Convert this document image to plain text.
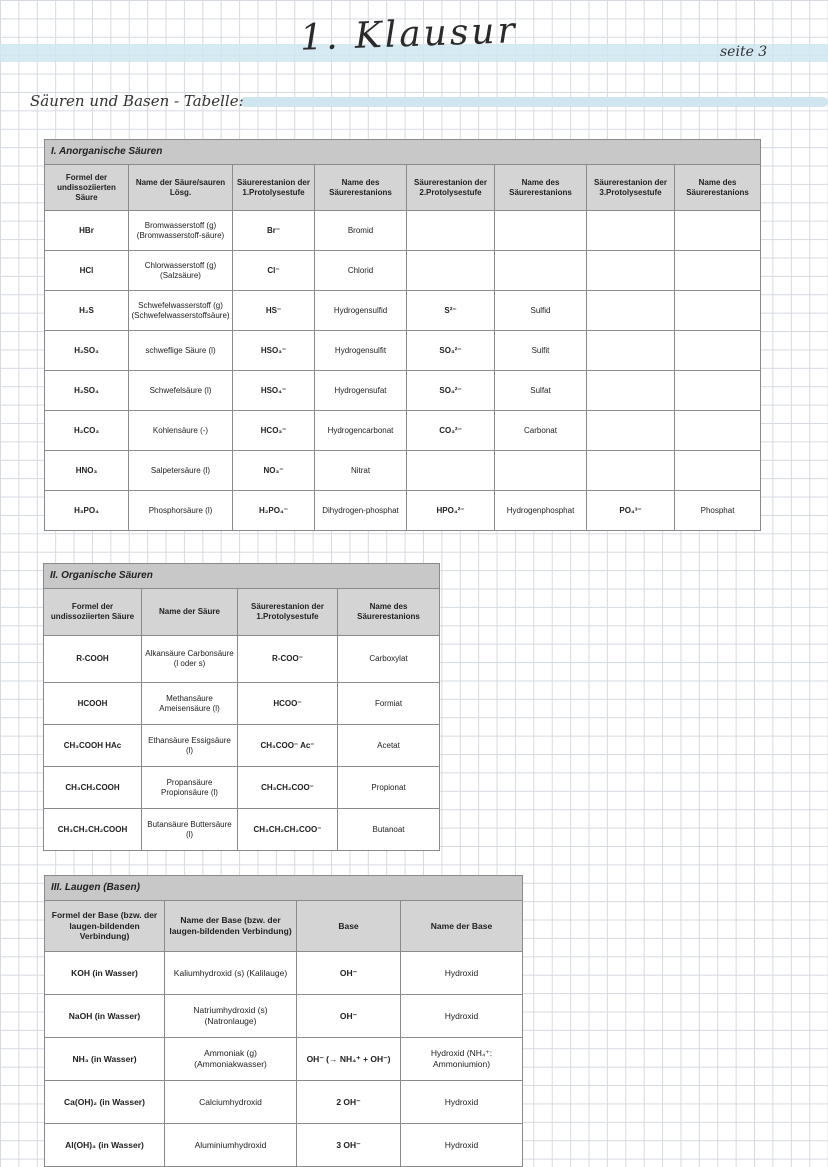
1. Klausur	seite 3
Säuren und Basen - Tabelle:
I. Anorganische Säuren							
Formel der undissoziierten Säure	Name der Säure/sauren Lösg.	Säurerestanion der 1.Protolysestufe	Name des Säurerestanions	Säurerestanion der 2.Protolysestufe	Name des Säurerestanions	Säurerestanion der 3.Protolysestufe	Name des Säurerestanions
HBr	Bromwasserstoff (g) (Bromwasserstoff-säure)	Br⁻	Bromid				
HCl	Chlorwasserstoff (g) (Salzsäure)	Cl⁻	Chlorid				
H₂S	Schwefelwasserstoff (g)(Schwefelwasserstoffsäure)	HS⁻	Hydrogensulfid	S²⁻	Sulfid		
H₂SO₃	schweflige Säure (l)	HSO₃⁻	Hydrogensulfit	SO₃²⁻	Sulfit		
H₂SO₄	Schwefelsäure (l)	HSO₄⁻	Hydrogensufat	SO₄²⁻	Sulfat		
H₂CO₃	Kohlensäure (-)	HCO₃⁻	Hydrogencarbonat	CO₃²⁻	Carbonat		
HNO₃	Salpetersäure (l)	NO₃⁻	Nitrat				
H₃PO₄	Phosphorsäure (l)	H₂PO₄⁻	Dihydrogen-phosphat	HPO₄²⁻	Hydrogenphosphat	PO₄³⁻	Phosphat
II. Organische Säuren			
Formel der undissoziierten Säure	Name der Säure	Säurerestanion der 1.Protolysestufe	Name des Säurerestanions
R-COOH	Alkansäure Carbonsäure (l oder s)	R-COO⁻	Carboxylat
HCOOH	Methansäure Ameisensäure (l)	HCOO⁻	Formiat
CH₃COOH HAc	Ethansäure Essigsäure (l)	CH₃COO⁻ Ac⁻	Acetat
CH₃CH₂COOH	Propansäure Propionsäure (l)	CH₃CH₂COO⁻	Propionat
CH₃CH₂CH₂COOH	Butansäure Buttersäure (l)	CH₃CH₂CH₂COO⁻	Butanoat
III. Laugen (Basen)			
Formel der Base (bzw. der laugen-bildenden Verbindung)	Name der Base (bzw. der laugen-bildenden Verbindung)	Base	Name der Base
KOH (in Wasser)	Kaliumhydroxid (s) (Kalilauge)	OH⁻	Hydroxid
NaOH (in Wasser)	Natriumhydroxid (s) (Natronlauge)	OH⁻	Hydroxid
NH₃ (in Wasser)	Ammoniak (g) (Ammoniakwasser)	OH⁻ (→ NH₄⁺ + OH⁻)	Hydroxid (NH₄⁺: Ammoniumion)
Ca(OH)₂ (in Wasser)	Calciumhydroxid	2 OH⁻	Hydroxid
Al(OH)₃ (in Wasser)	Aluminiumhydroxid	3 OH⁻	Hydroxid
